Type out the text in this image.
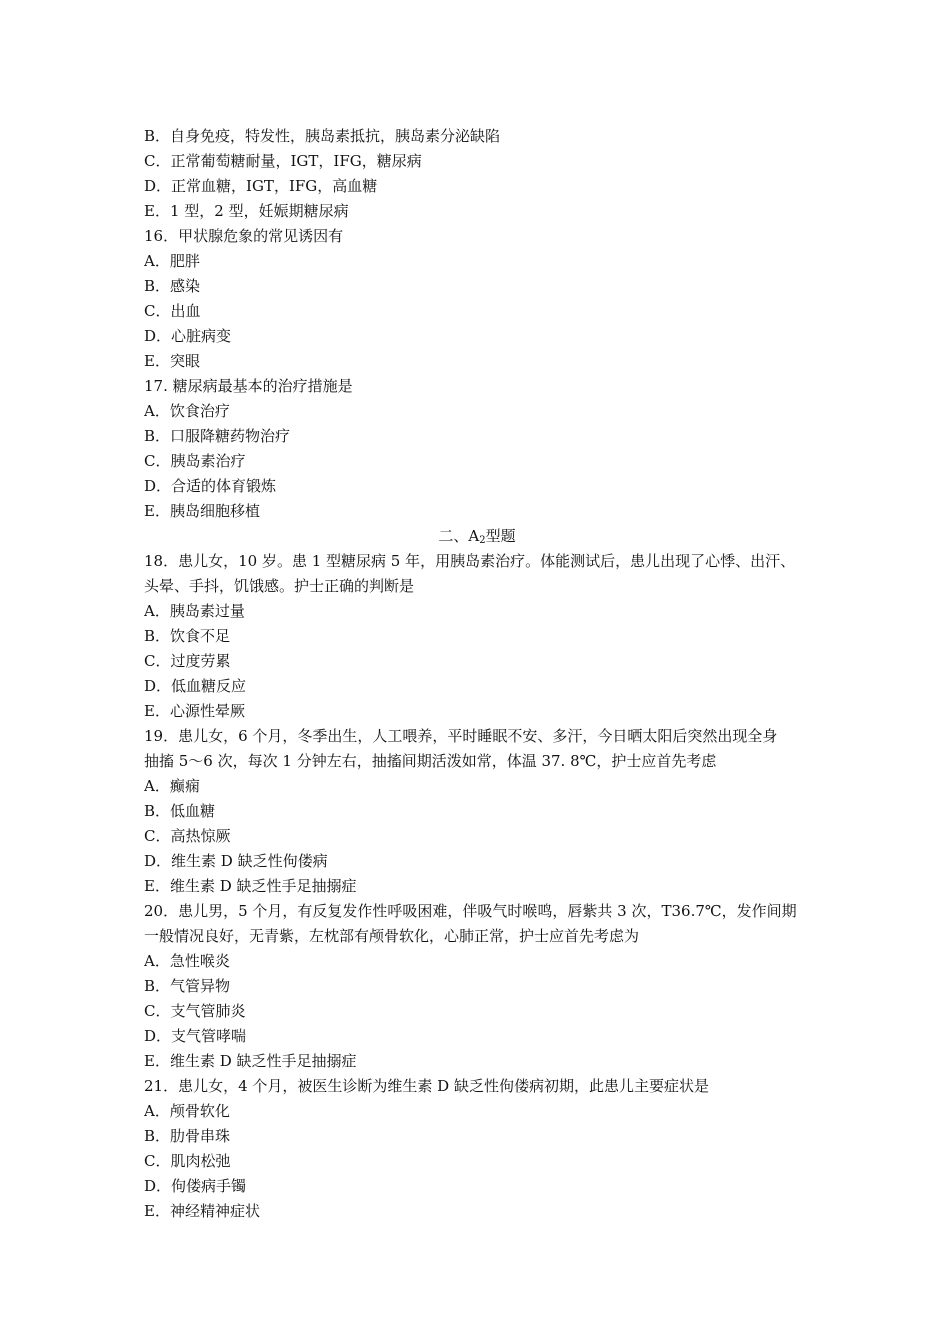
B．自身免疫，特发性，胰岛素抵抗，胰岛素分泌缺陷
C．正常葡萄糖耐量，IGT，IFG，糖尿病
D．正常血糖，IGT，IFG，高血糖
E．1 型，2 型，妊娠期糖尿病
16．甲状腺危象的常见诱因有
A．肥胖
B．感染
C．出血
D．心脏病变
E．突眼
17. 糖尿病最基本的治疗措施是
A．饮食治疗
B．口服降糖药物治疗
C．胰岛素治疗
D．合适的体育锻炼
E．胰岛细胞移植
二、$A_2$型题
18．患儿女，10 岁。患 1 型糖尿病 5 年，用胰岛素治疗。体能测试后，患儿出现了心悸、出汗、
头晕、手抖，饥饿感。护士正确的判断是
A．胰岛素过量
B．饮食不足
C．过度劳累
D．低血糖反应
E．心源性晕厥
19．患儿女，6 个月，冬季出生，人工喂养，平时睡眠不安、多汗，今日晒太阳后突然出现全身
抽搐 5～6 次，每次 1 分钟左右，抽搐间期活泼如常，体温 37. 8℃，护士应首先考虑
A．癫痫
B．低血糖
C．高热惊厥
D．维生素 D 缺乏性佝偻病
E．维生素 D 缺乏性手足抽搦症
20．患儿男，5 个月，有反复发作性呼吸困难，伴吸气时喉鸣，唇紫共 3 次，T36.7℃，发作间期
一般情况良好，无青紫，左枕部有颅骨软化，心肺正常，护士应首先考虑为
A．急性喉炎
B．气管异物
C．支气管肺炎
D．支气管哮喘
E．维生素 D 缺乏性手足抽搦症
21．患儿女，4 个月，被医生诊断为维生素 D 缺乏性佝偻病初期，此患儿主要症状是
A．颅骨软化
B．肋骨串珠
C．肌肉松弛
D．佝偻病手镯
E．神经精神症状
